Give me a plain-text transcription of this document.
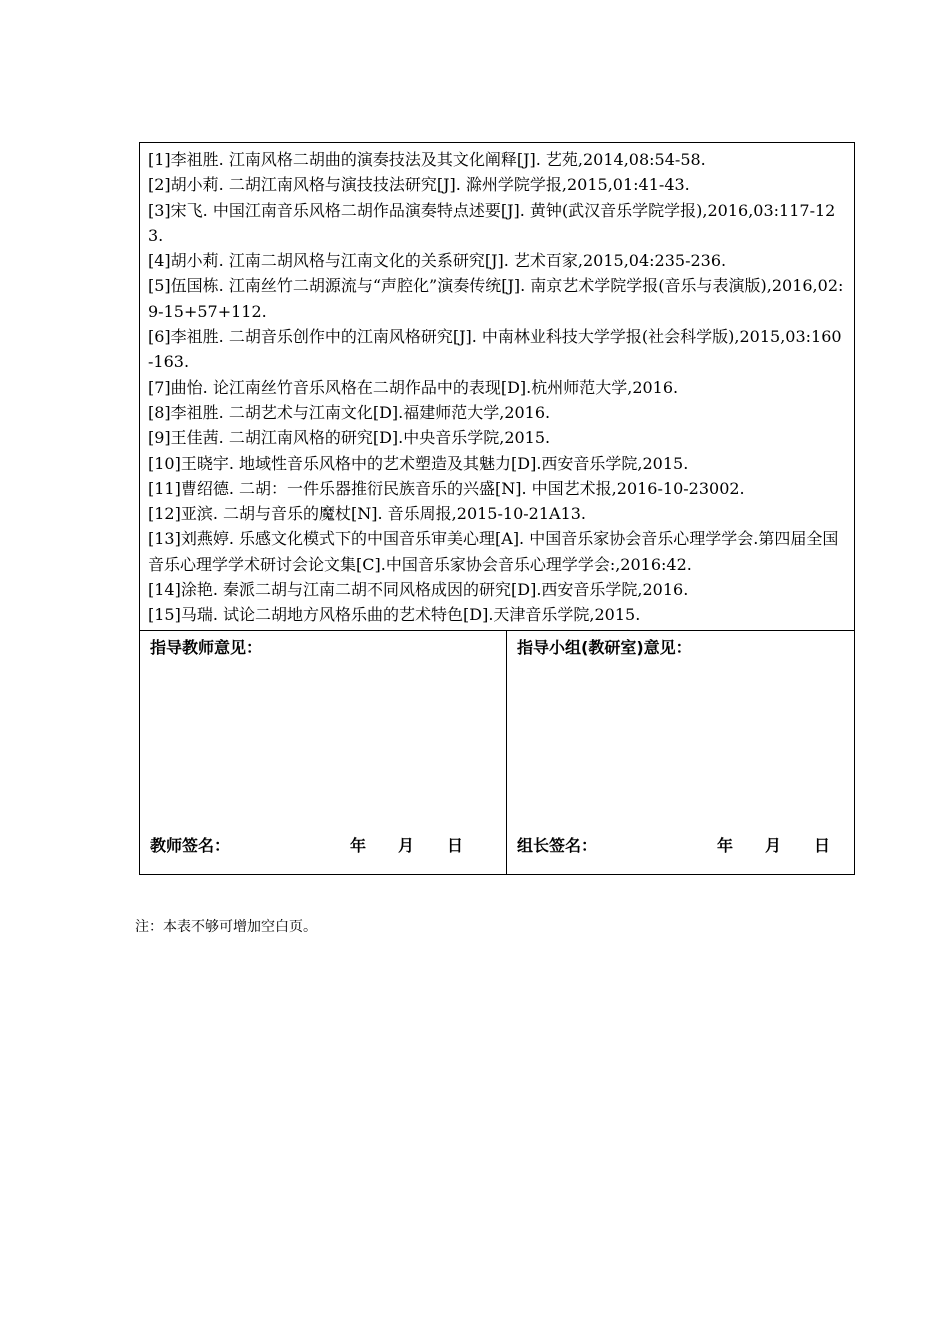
[1]李祖胜. 江南风格二胡曲的演奏技法及其文化阐释[J]. 艺苑,2014,08:54-58.

[2]胡小莉. 二胡江南风格与演技技法研究[J]. 滁州学院学报,2015,01:41-43.

[3]宋飞. 中国江南音乐风格二胡作品演奏特点述要[J]. 黄钟(武汉音乐学院学报),2016,03:117-123.

[4]胡小莉. 江南二胡风格与江南文化的关系研究[J]. 艺术百家,2015,04:235-236.

[5]伍国栋. 江南丝竹二胡源流与“声腔化”演奏传统[J]. 南京艺术学院学报(音乐与表演版),2016,02:9-15+57+112.

[6]李祖胜. 二胡音乐创作中的江南风格研究[J]. 中南林业科技大学学报(社会科学版),2015,03:160-163.

[7]曲怡. 论江南丝竹音乐风格在二胡作品中的表现[D].杭州师范大学,2016.

[8]李祖胜. 二胡艺术与江南文化[D].福建师范大学,2016.

[9]王佳茜. 二胡江南风格的研究[D].中央音乐学院,2015.

[10]王晓宇. 地域性音乐风格中的艺术塑造及其魅力[D].西安音乐学院,2015.

[11]曹绍德. 二胡：一件乐器推衍民族音乐的兴盛[N]. 中国艺术报,2016-10-23002.

[12]亚滨. 二胡与音乐的魔杖[N]. 音乐周报,2015-10-21A13.

[13]刘燕婷. 乐感文化模式下的中国音乐审美心理[A]. 中国音乐家协会音乐心理学学会.第四届全国音乐心理学学术研讨会论文集[C].中国音乐家协会音乐心理学学会:,2016:42.

[14]涂艳. 秦派二胡与江南二胡不同风格成因的研究[D].西安音乐学院,2016.

[15]马瑞. 试论二胡地方风格乐曲的艺术特色[D].天津音乐学院,2015.

指导教师意见：
教师签名：	年 月 日
指导小组(教研室)意见：
组长签名：	年 月 日
注：本表不够可增加空白页。
